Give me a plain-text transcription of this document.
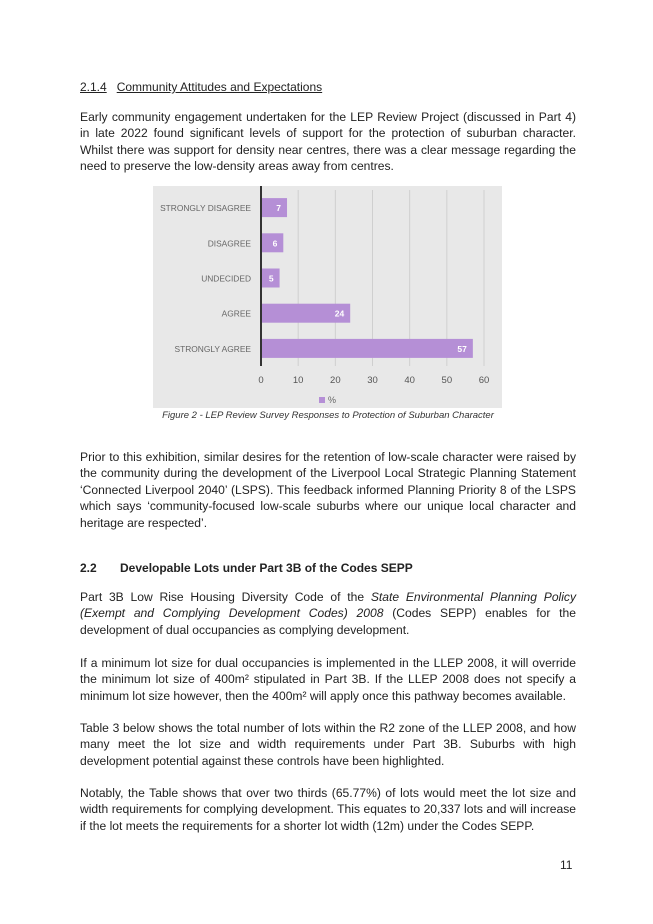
2.1.4 Community Attitudes and Expectations

Early community engagement undertaken for the LEP Review Project (discussed in Part 4) in late 2022 found significant levels of support for the protection of suburban character. Whilst there was support for density near centres, there was a clear message regarding the need to preserve the low-density areas away from centres.

0	10	20	30	40	50	60
STRONGLY DISAGREE	7
DISAGREE	6
UNDECIDED 5
AGREE	24
STRONGLY AGREE	57
%
Figure 2 - LEP Review Survey Responses to Protection of Suburban Character

Prior to this exhibition, similar desires for the retention of low-scale character were raised by the community during the development of the Liverpool Local Strategic Planning Statement ‘Connected Liverpool 2040’ (LSPS). This feedback informed Planning Priority 8 of the LSPS which says ‘community-focused low-scale suburbs where our unique local character and heritage are respected’.

2.2 Developable Lots under Part 3B of the Codes SEPP

Part 3B Low Rise Housing Diversity Code of the State Environmental Planning Policy (Exempt and Complying Development Codes) 2008 (Codes SEPP) enables for the development of dual occupancies as complying development.

If a minimum lot size for dual occupancies is implemented in the LLEP 2008, it will override the minimum lot size of 400m² stipulated in Part 3B. If the LLEP 2008 does not specify a minimum lot size however, then the 400m² will apply once this pathway becomes available.

Table 3 below shows the total number of lots within the R2 zone of the LLEP 2008, and how many meet the lot size and width requirements under Part 3B. Suburbs with high development potential against these controls have been highlighted.

Notably, the Table shows that over two thirds (65.77%) of lots would meet the lot size and width requirements for complying development. This equates to 20,337 lots and will increase if the lot meets the requirements for a shorter lot width (12m) under the Codes SEPP.

11
